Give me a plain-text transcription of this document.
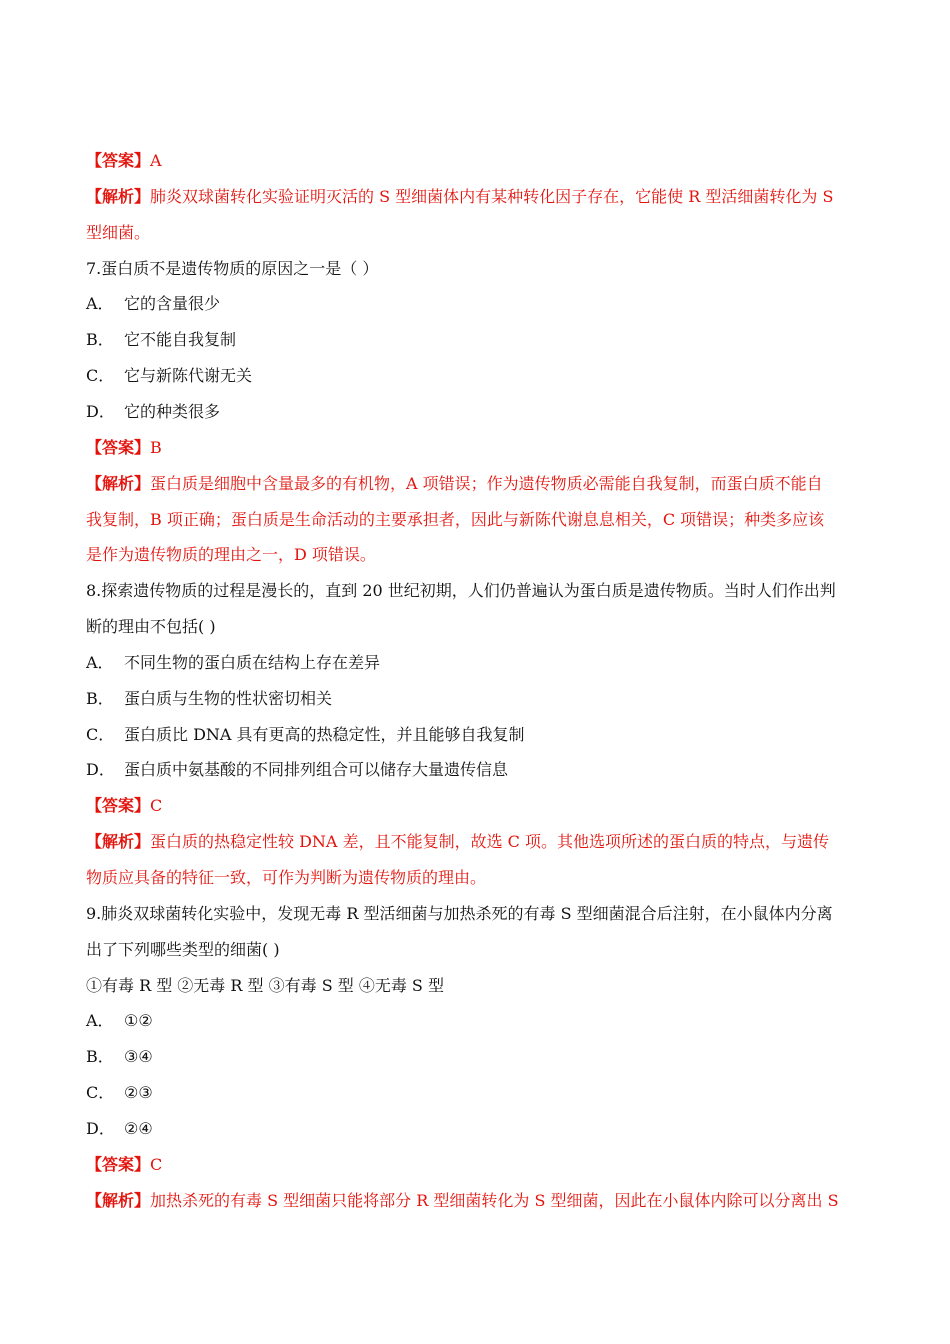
【答案】A
【解析】肺炎双球菌转化实验证明灭活的 S 型细菌体内有某种转化因子存在，它能使 R 型活细菌转化为 S
型细菌。
7.蛋白质不是遗传物质的原因之一是（ ）
A． 它的含量很少
B． 它不能自我复制
C． 它与新陈代谢无关
D． 它的种类很多
【答案】B
【解析】蛋白质是细胞中含量最多的有机物，A 项错误；作为遗传物质必需能自我复制，而蛋白质不能自
我复制，B 项正确；蛋白质是生命活动的主要承担者，因此与新陈代谢息息相关，C 项错误；种类多应该
是作为遗传物质的理由之一，D 项错误。
8.探索遗传物质的过程是漫长的，直到 20 世纪初期，人们仍普遍认为蛋白质是遗传物质。当时人们作出判
断的理由不包括( )
A． 不同生物的蛋白质在结构上存在差异
B． 蛋白质与生物的性状密切相关
C． 蛋白质比 DNA 具有更高的热稳定性，并且能够自我复制
D． 蛋白质中氨基酸的不同排列组合可以储存大量遗传信息
【答案】C
【解析】蛋白质的热稳定性较 DNA 差，且不能复制，故选 C 项。其他选项所述的蛋白质的特点，与遗传
物质应具备的特征一致，可作为判断为遗传物质的理由。
9.肺炎双球菌转化实验中，发现无毒 R 型活细菌与加热杀死的有毒 S 型细菌混合后注射，在小鼠体内分离
出了下列哪些类型的细菌( )
①有毒 R 型 ②无毒 R 型 ③有毒 S 型 ④无毒 S 型
A． ①②
B． ③④
C． ②③
D． ②④
【答案】C
【解析】加热杀死的有毒 S 型细菌只能将部分 R 型细菌转化为 S 型细菌，因此在小鼠体内除可以分离出 S
